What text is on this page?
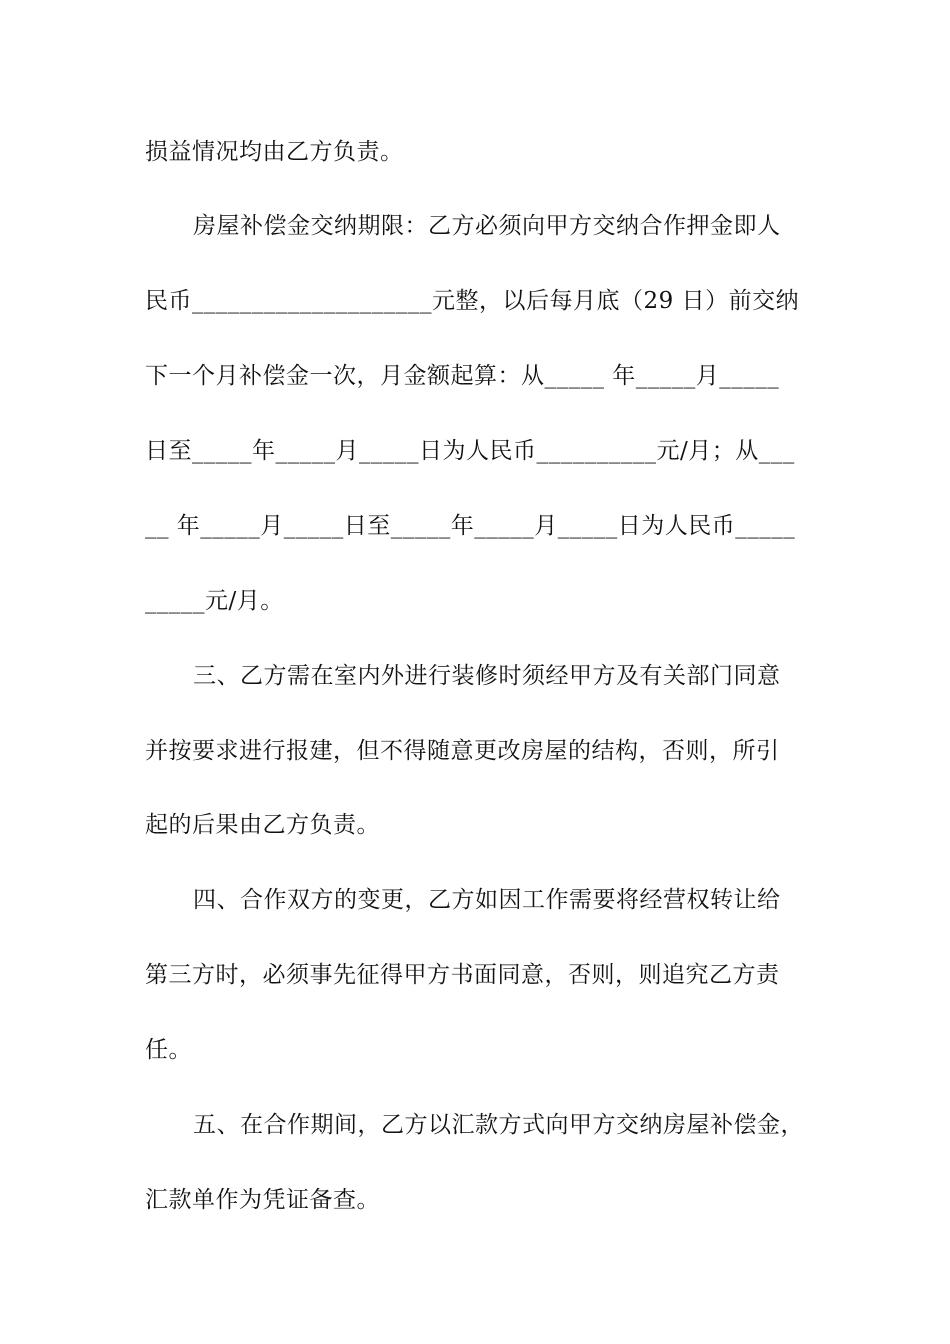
损益情况均由乙方负责。
房屋补偿金交纳期限：乙方必须向甲方交纳合作押金即人
民币____________________元整，以后每月底（29 日）前交纳
下一个月补偿金一次，月金额起算：从_____ 年_____月_____
日至_____年_____月_____日为人民币__________元/月；从___
__ 年_____月_____日至_____年_____月_____日为人民币_____
_____元/月。
三、乙方需在室内外进行装修时须经甲方及有关部门同意
并按要求进行报建，但不得随意更改房屋的结构，否则，所引
起的后果由乙方负责。
四、合作双方的变更，乙方如因工作需要将经营权转让给
第三方时，必须事先征得甲方书面同意，否则，则追究乙方责
任。
五、在合作期间，乙方以汇款方式向甲方交纳房屋补偿金，
汇款单作为凭证备查。
